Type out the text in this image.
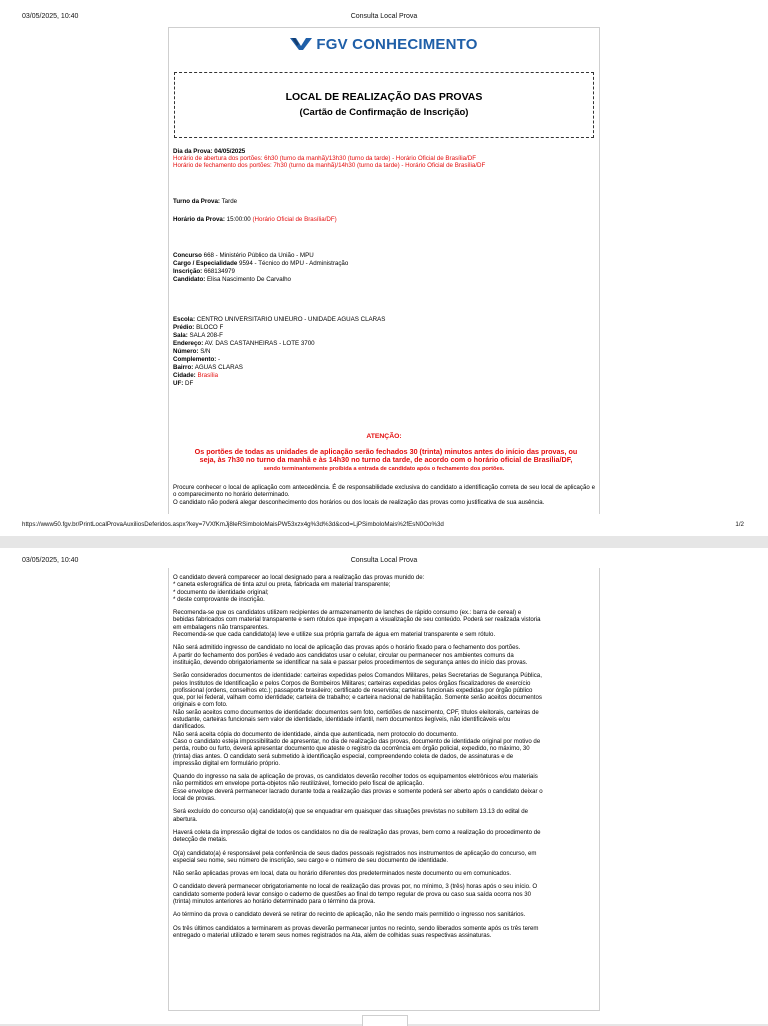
03/05/2025, 10:40	Consulta Local Prova
FGV CONHECIMENTO
LOCAL DE REALIZAÇÃO DAS PROVAS
(Cartão de Confirmação de Inscrição)
Dia da Prova: 04/05/2025
Horário de abertura dos portões: 6h30 (turno da manhã)/13h30 (turno da tarde) - Horário Oficial de Brasília/DF
Horário de fechamento dos portões: 7h30 (turno da manhã)/14h30 (turno da tarde) - Horário Oficial de Brasília/DF
Turno da Prova: Tarde
Horário da Prova: 15:00:00 (Horário Oficial de Brasília/DF)
Concurso 668 - Ministério Público da União - MPU
Cargo / Especialidade 9594 - Técnico do MPU - Administração
Inscrição: 668134979
Candidato: Elisa Nascimento De Carvalho
Escola: CENTRO UNIVERSITARIO UNIEURO - UNIDADE AGUAS CLARAS
Prédio: BLOCO F
Sala: SALA 208-F
Endereço: AV. DAS CASTANHEIRAS - LOTE 3700
Número: S/N
Complemento: -
Bairro: AGUAS CLARAS
Cidade: Brasília
UF: DF
ATENÇÃO:
Os portões de todas as unidades de aplicação serão fechados 30 (trinta) minutos antes do início das provas, ou seja, às 7h30 no turno da manhã e às 14h30 no turno da tarde, de acordo com o horário oficial de Brasília/DF,
sendo terminantemente proibida a entrada de candidato após o fechamento dos portões.
Procure conhecer o local de aplicação com antecedência. É de responsabilidade exclusiva do candidato a identificação correta de seu local de aplicação e o comparecimento no horário determinado.
O candidato não poderá alegar desconhecimento dos horários ou dos locais de realização das provas como justificativa de sua ausência.
https://www50.fgv.br/PrintLocalProvaAuxiliosDeferidos.aspx?key=7VXfKmJj8leRSimboloMaisPW53xzx4g%3d%3d&cod=LjPSimboloMais%2fEsN0Oo%3d	1/2
03/05/2025, 10:40	Consulta Local Prova
O candidato deverá comparecer ao local designado para a realização das provas munido de:
* caneta esferográfica de tinta azul ou preta, fabricada em material transparente;
* documento de identidade original;
* deste comprovante de inscrição.
Recomenda-se que os candidatos utilizem recipientes de armazenamento de lanches de rápido consumo (ex.: barra de cereal) e
bebidas fabricados com material transparente e sem rótulos que impeçam a visualização de seu conteúdo. Poderá ser realizada vistoria
em embalagens não transparentes.
Recomenda-se que cada candidato(a) leve e utilize sua própria garrafa de água em material transparente e sem rótulo.
Não será admitido ingresso de candidato no local de aplicação das provas após o horário fixado para o fechamento dos portões.
A partir do fechamento dos portões é vedado aos candidatos usar o celular, circular ou permanecer nos ambientes comuns da
instituição, devendo obrigatoriamente se identificar na sala e passar pelos procedimentos de segurança antes do início das provas.
Serão considerados documentos de identidade: carteiras expedidas pelos Comandos Militares, pelas Secretarias de Segurança Pública,
pelos Institutos de Identificação e pelos Corpos de Bombeiros Militares; carteiras expedidas pelos órgãos fiscalizadores de exercício
profissional (ordens, conselhos etc.); passaporte brasileiro; certificado de reservista; carteiras funcionais expedidas por órgão público
que, por lei federal, valham como identidade; carteira de trabalho; e carteira nacional de habilitação. Somente serão aceitos documentos
originais e com foto.
Não serão aceitos como documentos de identidade: documentos sem foto, certidões de nascimento, CPF, títulos eleitorais, carteiras de
estudante, carteiras funcionais sem valor de identidade, identidade infantil, nem documentos ilegíveis, não identificáveis e/ou
danificados.
Não será aceita cópia do documento de identidade, ainda que autenticada, nem protocolo do documento.
Caso o candidato esteja impossibilitado de apresentar, no dia de realização das provas, documento de identidade original por motivo de
perda, roubo ou furto, deverá apresentar documento que ateste o registro da ocorrência em órgão policial, expedido, no máximo, 30
(trinta) dias antes. O candidato será submetido à identificação especial, compreendendo coleta de dados, de assinaturas e de
impressão digital em formulário próprio.
Quando do ingresso na sala de aplicação de provas, os candidatos deverão recolher todos os equipamentos eletrônicos e/ou materiais
não permitidos em envelope porta-objetos não reutilizável, fornecido pelo fiscal de aplicação.
Esse envelope deverá permanecer lacrado durante toda a realização das provas e somente poderá ser aberto após o candidato deixar o
local de provas.
Será excluído do concurso o(a) candidato(a) que se enquadrar em quaisquer das situações previstas no subitem 13.13 do edital de
abertura.
Haverá coleta da impressão digital de todos os candidatos no dia de realização das provas, bem como a realização do procedimento de
detecção de metais.
O(a) candidato(a) é responsável pela conferência de seus dados pessoais registrados nos instrumentos de aplicação do concurso, em
especial seu nome, seu número de inscrição, seu cargo e o número de seu documento de identidade.
Não serão aplicadas provas em local, data ou horário diferentes dos predeterminados neste documento ou em comunicados.
O candidato deverá permanecer obrigatoriamente no local de realização das provas por, no mínimo, 3 (três) horas após o seu início. O
candidato somente poderá levar consigo o caderno de questões ao final do tempo regular de prova ou caso sua saída ocorra nos 30
(trinta) minutos anteriores ao horário determinado para o término da prova.
Ao término da prova o candidato deverá se retirar do recinto de aplicação, não lhe sendo mais permitido o ingresso nos sanitários.
Os três últimos candidatos a terminarem as provas deverão permanecer juntos no recinto, sendo liberados somente após os três terem
entregado o material utilizado e terem seus nomes registrados na Ata, além de colhidas suas respectivas assinaturas.
